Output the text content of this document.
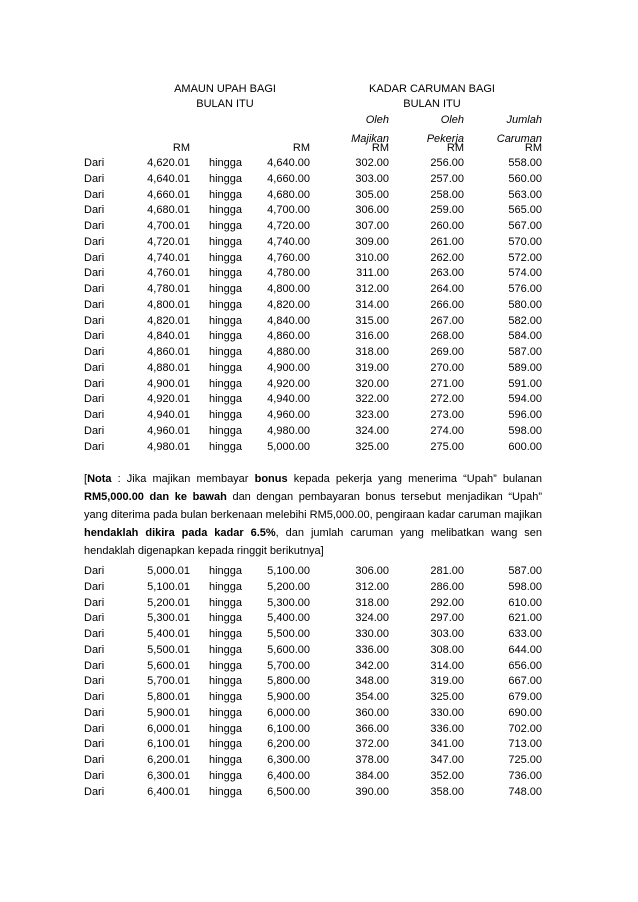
AMAUN UPAH BAGI
BULAN ITU
KADAR CARUMAN BAGI
BULAN ITU
Oleh
Majikan
Oleh
Pekerja
Jumlah
Caruman
RM	RM	RM	RM	RM
Dari	4,620.01 hingga	4,640.00	302.00	256.00	558.00
Dari	4,640.01 hingga	4,660.00	303.00	257.00	560.00
Dari	4,660.01 hingga	4,680.00	305.00	258.00	563.00
Dari	4,680.01 hingga	4,700.00	306.00	259.00	565.00
Dari	4,700.01 hingga	4,720.00	307.00	260.00	567.00
Dari	4,720.01 hingga	4,740.00	309.00	261.00	570.00
Dari	4,740.01 hingga	4,760.00	310.00	262.00	572.00
Dari	4,760.01 hingga	4,780.00	311.00	263.00	574.00
Dari	4,780.01 hingga	4,800.00	312.00	264.00	576.00
Dari	4,800.01 hingga	4,820.00	314.00	266.00	580.00
Dari	4,820.01 hingga	4,840.00	315.00	267.00	582.00
Dari	4,840.01 hingga	4,860.00	316.00	268.00	584.00
Dari	4,860.01 hingga	4,880.00	318.00	269.00	587.00
Dari	4,880.01 hingga	4,900.00	319.00	270.00	589.00
Dari	4,900.01 hingga	4,920.00	320.00	271.00	591.00
Dari	4,920.01 hingga	4,940.00	322.00	272.00	594.00
Dari	4,940.01 hingga	4,960.00	323.00	273.00	596.00
Dari	4,960.01 hingga	4,980.00	324.00	274.00	598.00
Dari	4,980.01 hingga	5,000.00	325.00	275.00	600.00
[Nota : Jika majikan membayar bonus kepada pekerja yang menerima “Upah” bulanan RM5,000.00 dan ke bawah dan dengan pembayaran bonus tersebut menjadikan “Upah” yang diterima pada bulan berkenaan melebihi RM5,000.00, pengiraan kadar caruman majikan hendaklah dikira pada kadar 6.5%, dan jumlah caruman yang melibatkan wang sen hendaklah digenapkan kepada ringgit berikutnya]
Dari	5,000.01 hingga	5,100.00	306.00	281.00	587.00
Dari	5,100.01 hingga	5,200.00	312.00	286.00	598.00
Dari	5,200.01 hingga	5,300.00	318.00	292.00	610.00
Dari	5,300.01 hingga	5,400.00	324.00	297.00	621.00
Dari	5,400.01 hingga	5,500.00	330.00	303.00	633.00
Dari	5,500.01 hingga	5,600.00	336.00	308.00	644.00
Dari	5,600.01 hingga	5,700.00	342.00	314.00	656.00
Dari	5,700.01 hingga	5,800.00	348.00	319.00	667.00
Dari	5,800.01 hingga	5,900.00	354.00	325.00	679.00
Dari	5,900.01 hingga	6,000.00	360.00	330.00	690.00
Dari	6,000.01 hingga	6,100.00	366.00	336.00	702.00
Dari	6,100.01 hingga	6,200.00	372.00	341.00	713.00
Dari	6,200.01 hingga	6,300.00	378.00	347.00	725.00
Dari	6,300.01 hingga	6,400.00	384.00	352.00	736.00
Dari	6,400.01 hingga	6,500.00	390.00	358.00	748.00
